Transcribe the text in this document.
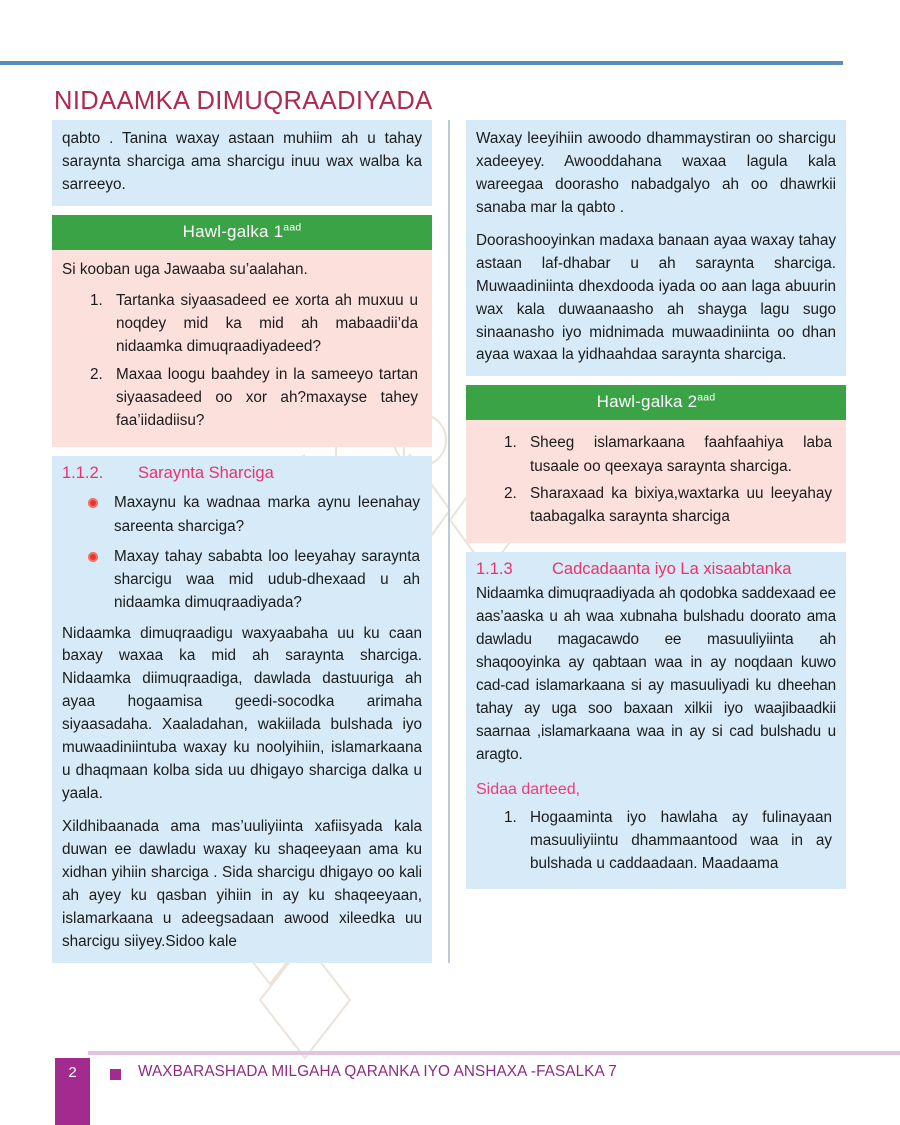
NIDAAMKA DIMUQRAADIYADA

qabto . Tanina waxay astaan muhiim ah u tahay saraynta sharciga ama sharcigu inuu wax walba ka sarreeyo.

Hawl-galka $1^{aad}$

Si kooban uga Jawaaba su’aalahan.

Tartanka siyaasadeed ee xorta ah muxuu u noqdey mid ka mid ah mabaadii’da nidaamka dimuqraadiyadeed?
Maxaa loogu baahdey in la sameeyo tartan siyaasadeed oo xor ah?maxayse tahey faa’iidadiisu?
1.1.2.	Saraynta Sharciga
Maxaynu ka wadnaa marka aynu leenahay sareenta sharciga?
Maxay tahay sababta loo leeyahay saraynta sharcigu waa mid udub-dhexaad u ah nidaamka dimuqraadiyada?

Nidaamka dimuqraadigu waxyaabaha uu ku caan baxay waxaa ka mid ah saraynta sharciga. Nidaamka diimuqraadiga, dawlada dastuuriga ah ayaa hogaamisa geedi-socodka arimaha siyaasadaha. Xaaladahan, wakiilada bulshada iyo muwaadiniintuba waxay ku noolyihiin, islamarkaana u dhaqmaan kolba sida uu dhigayo sharciga dalka u yaala.

Xildhibaanada ama mas’uuliyiinta xafiisyada kala duwan ee dawladu waxay ku shaqeeyaan ama ku xidhan yihiin sharciga . Sida sharcigu dhigayo oo kali ah ayey ku qasban yihiin in ay ku shaqeeyaan, islamarkaana u adeegsadaan awood xileedka uu sharcigu siiyey.Sidoo kale

Waxay leeyihiin awoodo dhammaystiran oo sharcigu xadeeyey. Awooddahana waxaa lagula kala wareegaa doorasho nabadgalyo ah oo dhawrkii sanaba mar la qabto .

Doorashooyinkan madaxa banaan ayaa waxay tahay astaan laf-dhabar u ah saraynta sharciga. Muwaadiniinta dhexdooda iyada oo aan laga abuurin wax kala duwaanaasho ah shayga lagu sugo sinaanasho iyo midnimada muwaadiniinta oo dhan ayaa waxaa la yidhaahdaa saraynta sharciga.

Hawl-galka $2^{aad}$
Sheeg islamarkaana faahfaahiya laba tusaale oo qeexaya saraynta sharciga.
Sharaxaad ka bixiya,waxtarka uu leeyahay taabagalka saraynta sharciga
1.1.3	Cadcadaanta iyo La xisaabtanka

Nidaamka dimuqraadiyada ah qodobka saddexaad ee aas’aaska u ah waa xubnaha bulshadu doorato ama dawladu magacawdo ee masuuliyiinta ah shaqooyinka ay qabtaan waa in ay noqdaan kuwo cad-cad islamarkaana si ay masuuliyadi ku dheehan tahay ay uga soo baxaan xilkii iyo waajibaadkii saarnaa ,islamarkaana waa in ay si cad bulshadu u aragto.

Sidaa darteed,

Hogaaminta iyo hawlaha ay fulinayaan masuuliyiintu dhammaantood waa in ay bulshada u caddaadaan. Maadaama
2	WAXBARASHADA MILGAHA QARANKA IYO ANSHAXA -FASALKA 7
